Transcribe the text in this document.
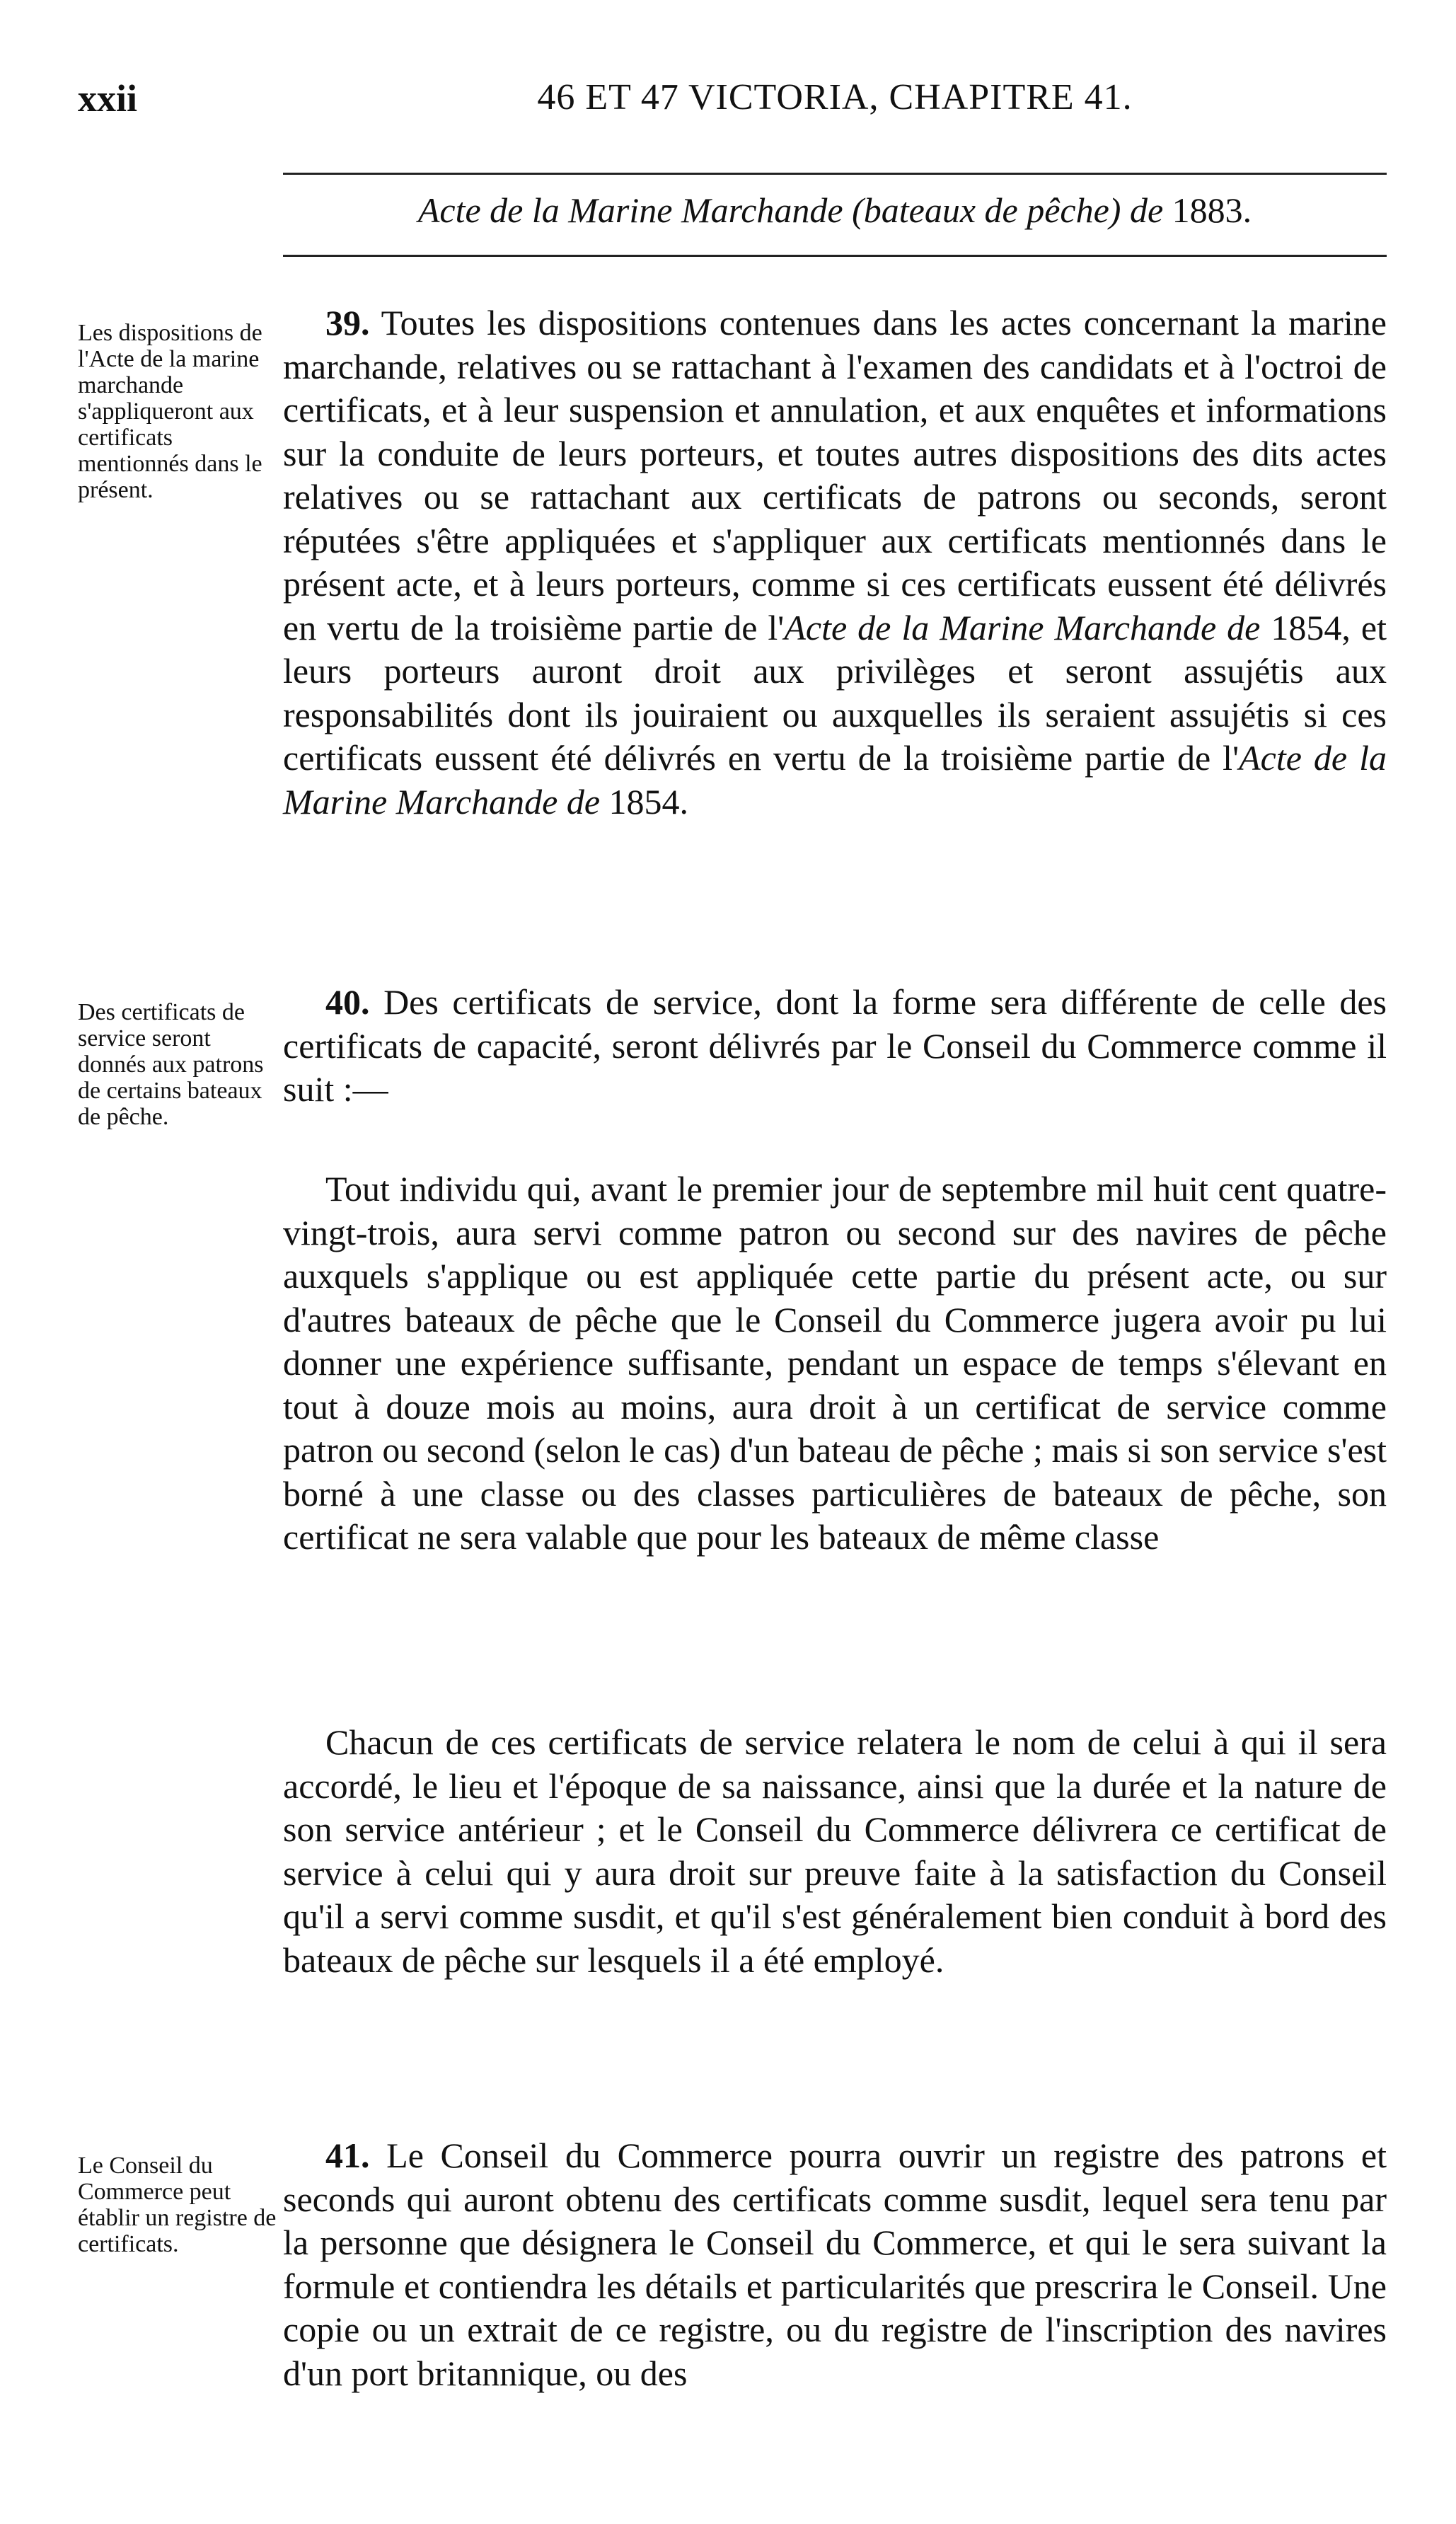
xxii	46 ET 47 VICTORIA, CHAPITRE 41.
Acte de la Marine Marchande (bateaux de pêche) de 1883.
Les dispositions de l'Acte de la marine marchande s'appliqueront aux certificats mentionnés dans le présent.
39. Toutes les dispositions contenues dans les actes concernant la marine marchande, relatives ou se rattachant à l'examen des candidats et à l'octroi de certificats, et à leur suspension et annulation, et aux enquêtes et informations sur la conduite de leurs porteurs, et toutes autres dispositions des dits actes relatives ou se rattachant aux certificats de patrons ou seconds, seront réputées s'être appliquées et s'appliquer aux certificats mentionnés dans le présent acte, et à leurs porteurs, comme si ces certificats eussent été délivrés en vertu de la troisième partie de l'Acte de la Marine Marchande de 1854, et leurs porteurs auront droit aux privilèges et seront assujétis aux responsabilités dont ils jouiraient ou auxquelles ils seraient assujétis si ces certificats eussent été délivrés en vertu de la troisième partie de l'Acte de la Marine Marchande de 1854.
Des certificats de service seront donnés aux patrons de certains bateaux de pêche.
40. Des certificats de service, dont la forme sera différente de celle des certificats de capacité, seront délivrés par le Conseil du Commerce comme il suit :—
Tout individu qui, avant le premier jour de septembre mil huit cent quatre-vingt-trois, aura servi comme patron ou second sur des navires de pêche auxquels s'applique ou est appliquée cette partie du présent acte, ou sur d'autres bateaux de pêche que le Conseil du Commerce jugera avoir pu lui donner une expérience suffisante, pendant un espace de temps s'élevant en tout à douze mois au moins, aura droit à un certificat de service comme patron ou second (selon le cas) d'un bateau de pêche ; mais si son service s'est borné à une classe ou des classes particulières de bateaux de pêche, son certificat ne sera valable que pour les bateaux de même classe
Chacun de ces certificats de service relatera le nom de celui à qui il sera accordé, le lieu et l'époque de sa naissance, ainsi que la durée et la nature de son service antérieur ; et le Conseil du Commerce délivrera ce certificat de service à celui qui y aura droit sur preuve faite à la satisfaction du Conseil qu'il a servi comme susdit, et qu'il s'est généralement bien conduit à bord des bateaux de pêche sur lesquels il a été employé.
Le Conseil du Commerce peut établir un registre de certificats.
41. Le Conseil du Commerce pourra ouvrir un registre des patrons et seconds qui auront obtenu des certificats comme susdit, lequel sera tenu par la personne que désignera le Conseil du Commerce, et qui le sera suivant la formule et contiendra les détails et particularités que prescrira le Conseil. Une copie ou un extrait de ce registre, ou du registre de l'inscription des navires d'un port britannique, ou des
